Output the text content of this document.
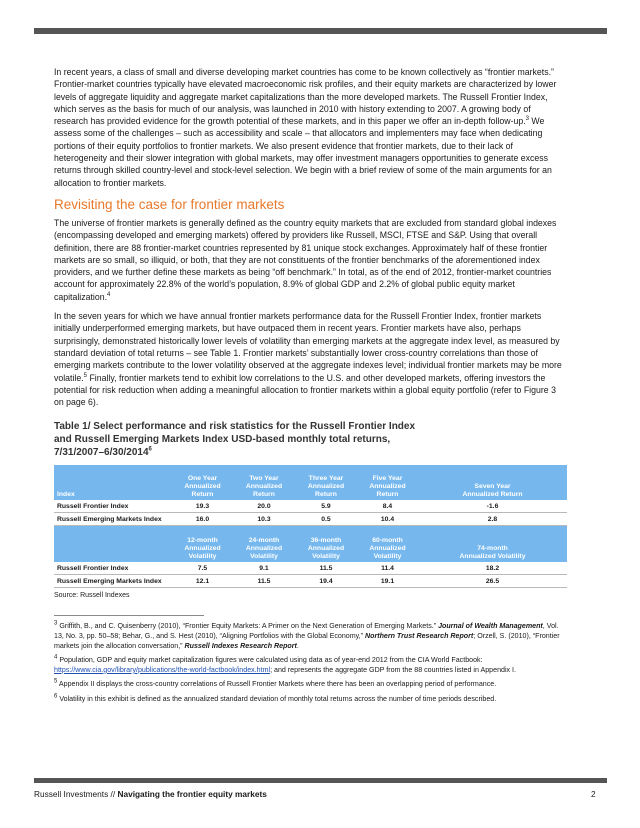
In recent years, a class of small and diverse developing market countries has come to be known collectively as “frontier markets.” Frontier-market countries typically have elevated macroeconomic risk profiles, and their equity markets are characterized by lower levels of aggregate liquidity and aggregate market capitalizations than the more developed markets. The Russell Frontier Index, which serves as the basis for much of our analysis, was launched in 2010 with history extending to 2007. A growing body of research has provided evidence for the growth potential of these markets, and in this paper we offer an in-depth follow-up.$^3$ We assess some of the challenges – such as accessibility and scale – that allocators and implementers may face when dedicating portions of their equity portfolios to frontier markets. We also present evidence that frontier markets, due to their lack of heterogeneity and their slower integration with global markets, may offer investment managers opportunities to generate excess returns through skilled country-level and stock-level selection. We begin with a brief review of some of the main arguments for an allocation to frontier markets.

Revisiting the case for frontier markets

The universe of frontier markets is generally defined as the country equity markets that are excluded from standard global indexes (encompassing developed and emerging markets) offered by providers like Russell, MSCI, FTSE and S&P. Using that overall definition, there are 88 frontier-market countries represented by 81 unique stock exchanges. Approximately half of these frontier markets are so small, so illiquid, or both, that they are not constituents of the frontier benchmarks of the aforementioned index providers, and we further define these markets as being “off benchmark.” In total, as of the end of 2012, frontier-market countries account for approximately 22.8% of the world’s population, 8.9% of global GDP and 2.2% of global public equity market capitalization.$^4$

In the seven years for which we have annual frontier markets performance data for the Russell Frontier Index, frontier markets initially underperformed emerging markets, but have outpaced them in recent years. Frontier markets have also, perhaps surprisingly, demonstrated historically lower levels of volatility than emerging markets at the aggregate index level, as measured by standard deviation of total returns – see Table 1. Frontier markets’ substantially lower cross-country correlations than those of emerging markets contribute to the lower volatility observed at the aggregate indexes level; individual frontier markets may be more volatile.$^5$ Finally, frontier markets tend to exhibit low correlations to the U.S. and other developed markets, offering investors the potential for risk reduction when adding a meaningful allocation to frontier markets within a global equity portfolio (refer to Figure 3 on page 6).

Table 1/ Select performance and risk statistics for the Russell Frontier Index
and Russell Emerging Markets Index USD-based monthly total returns,
7/31/2007–6/30/2014$^6$
Index	One Year
Annualized
Return	Two Year
Annualized
Return	Three Year
Annualized
Return	Five Year
Annualized
Return	Seven Year
Annualized Return
Russell Frontier Index	19.3	20.0	5.9	8.4	-1.6
Russell Emerging Markets Index	16.0	10.3	0.5	10.4	2.8
	12-month
Annualized
Volatility	24-month
Annualized
Volatility	36-month
Annualized
Volatility	60-month
Annualized
Volatility	74-month
Annualized Volatility
Russell Frontier Index	7.5	9.1	11.5	11.4	18.2
Russell Emerging Markets Index	12.1	11.5	19.4	19.1	26.5
Source: Russell Indexes

$^3$ Griffith, B., and C. Quisenberry (2010), “Frontier Equity Markets: A Primer on the Next Generation of Emerging Markets.” Journal of Wealth Management, Vol. 13, No. 3, pp. 50–58; Behar, G., and S. Hest (2010), “Aligning Portfolios with the Global Economy,” Northern Trust Research Report; Orzell, S. (2010), “Frontier markets join the allocation conversation,” Russell Indexes Research Report.

$^4$ Population, GDP and equity market capitalization figures were calculated using data as of year-end 2012 from the CIA World Factbook: https://www.cia.gov/library/publications/the-world-factbook/index.html; and represents the aggregate GDP from the 88 countries listed in Appendix I.

$^5$ Appendix II displays the cross-country correlations of Russell Frontier Markets where there has been an overlapping period of performance.

$^6$ Volatility in this exhibit is defined as the annualized standard deviation of monthly total returns across the number of time periods described.

Russell Investments // Navigating the frontier equity markets	2
